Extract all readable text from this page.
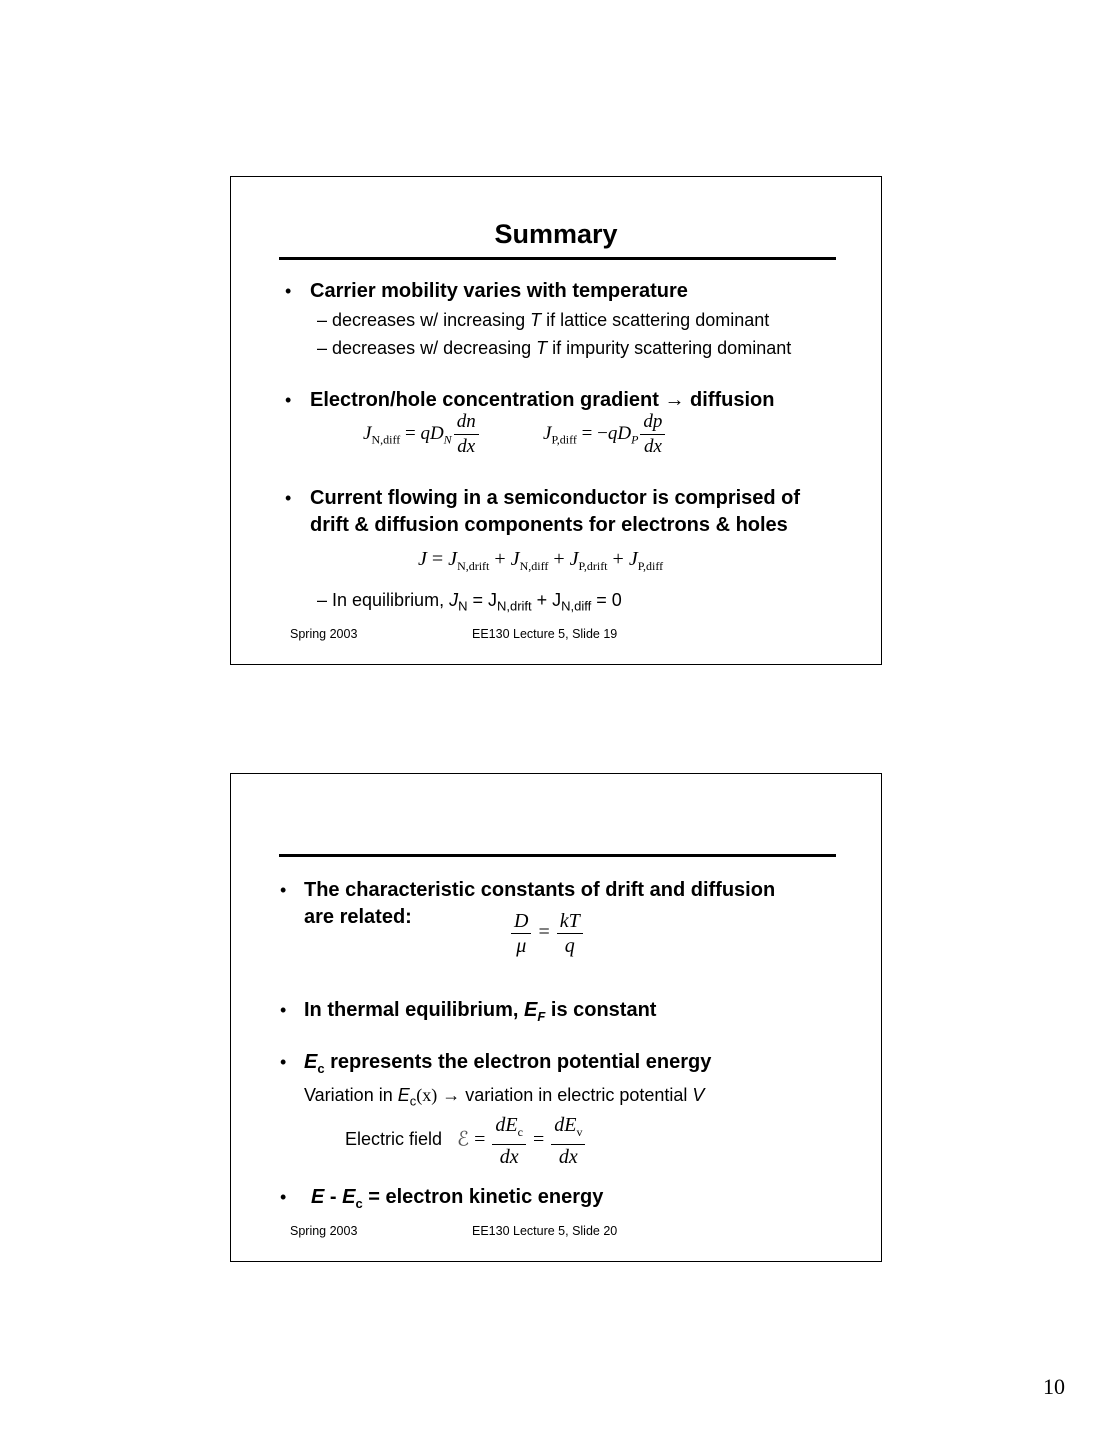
Summary
• Carrier mobility varies with temperature
– decreases w/ increasing T if lattice scattering dominant
– decreases w/ decreasing T if impurity scattering dominant
• Electron/hole concentration gradient → diffusion
$J_{N,diff} = qD_N \frac{dn}{dx}$	$J_{P,diff} = -qD_P \frac{dp}{dx}$
• Current flowing in a semiconductor is comprised of
drift & diffusion components for electrons & holes
$J = J_{N,drift} + J_{N,diff} + J_{P,drift} + J_{P,diff}$
– In equilibrium, $J_N = J_{N,drift} + J_{N,diff} = 0$
Spring 2003	EE130 Lecture 5, Slide 19
• The characteristic constants of drift and diffusion
are related:	$\frac{D}{\mu} = \frac{kT}{q}$
• In thermal equilibrium, $E_F$ is constant
• $E_c$ represents the electron potential energy
Variation in $E_c(x)$ → variation in electric potential V
Electric field ℰ = $\frac{dE_c}{dx} = \frac{dE_v}{dx}$
• E - $E_c$ = electron kinetic energy
Spring 2003	EE130 Lecture 5, Slide 20
10
